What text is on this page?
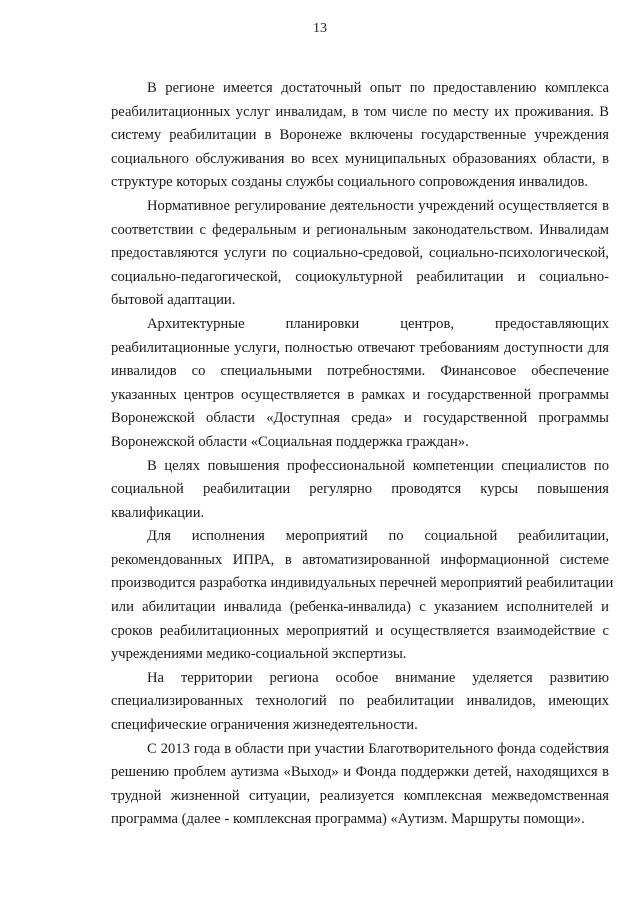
13
В регионе имеется достаточный опыт по предоставлению комплекса
реабилитационных услуг инвалидам, в том числе по месту их проживания. В
систему реабилитации в Воронеже включены государственные учреждения
социального обслуживания во всех муниципальных образованиях области, в
структуре которых созданы службы социального сопровождения инвалидов.
Нормативное регулирование деятельности учреждений осуществляется в
соответствии с федеральным и региональным законодательством. Инвалидам
предоставляются услуги по социально-средовой, социально-психологической,
социально-педагогической, социокультурной реабилитации и социально-
бытовой адаптации.
Архитектурные планировки центров, предоставляющих
реабилитационные услуги, полностью отвечают требованиям доступности для
инвалидов со специальными потребностями. Финансовое обеспечение
указанных центров осуществляется в рамках и государственной программы
Воронежской области «Доступная среда» и государственной программы
Воронежской области «Социальная поддержка граждан».
В целях повышения профессиональной компетенции специалистов по
социальной реабилитации регулярно проводятся курсы повышения
квалификации.
Для исполнения мероприятий по социальной реабилитации,
рекомендованных ИПРА, в автоматизированной информационной системе
производится разработка индивидуальных перечней мероприятий реабилитации
или абилитации инвалида (ребенка-инвалида) с указанием исполнителей и
сроков реабилитационных мероприятий и осуществляется взаимодействие с
учреждениями медико-социальной экспертизы.
На территории региона особое внимание уделяется развитию
специализированных технологий по реабилитации инвалидов, имеющих
специфические ограничения жизнедеятельности.
С 2013 года в области при участии Благотворительного фонда содействия
решению проблем аутизма «Выход» и Фонда поддержки детей, находящихся в
трудной жизненной ситуации, реализуется комплексная межведомственная
программа (далее - комплексная программа) «Аутизм. Маршруты помощи».
